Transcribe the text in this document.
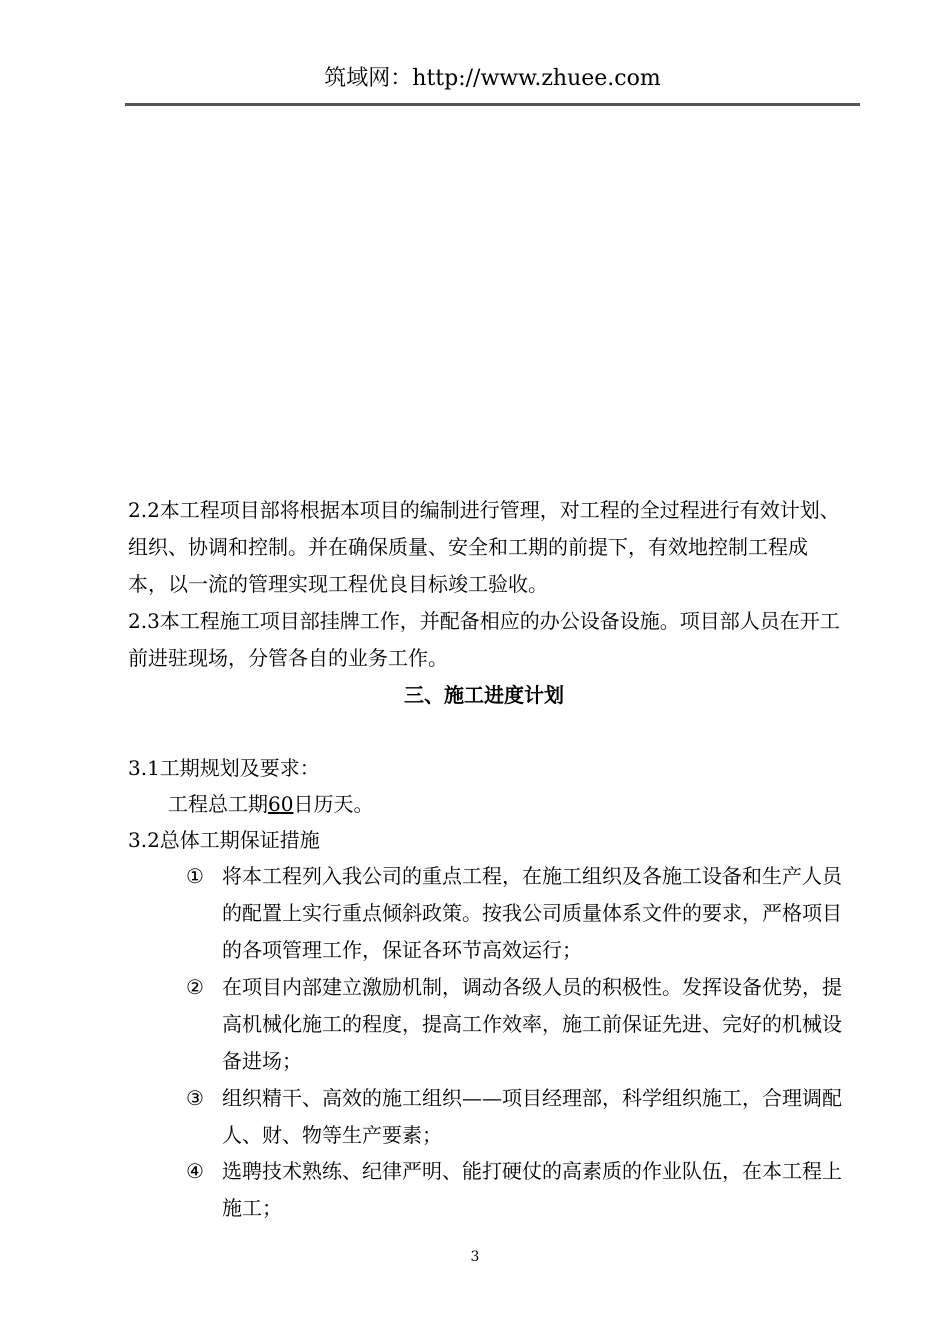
筑域网：http://www.zhuee.com

2.2本工程项目部将根据本项目的编制进行管理，对工程的全过程进行有效计划、组织、协调和控制。并在确保质量、安全和工期的前提下，有效地控制工程成本，以一流的管理实现工程优良目标竣工验收。

2.3本工程施工项目部挂牌工作，并配备相应的办公设备设施。项目部人员在开工前进驻现场，分管各自的业务工作。

三、施工进度计划

3.1工期规划及要求：

工程总工期60日历天。

3.2总体工期保证措施

① 将本工程列入我公司的重点工程，在施工组织及各施工设备和生产人员的配置上实行重点倾斜政策。按我公司质量体系文件的要求，严格项目的各项管理工作，保证各环节高效运行；
② 在项目内部建立激励机制，调动各级人员的积极性。发挥设备优势，提高机械化施工的程度，提高工作效率，施工前保证先进、完好的机械设备进场；
③ 组织精干、高效的施工组织——项目经理部，科学组织施工，合理调配人、财、物等生产要素；
④ 选聘技术熟练、纪律严明、能打硬仗的高素质的作业队伍，在本工程上施工；
3
